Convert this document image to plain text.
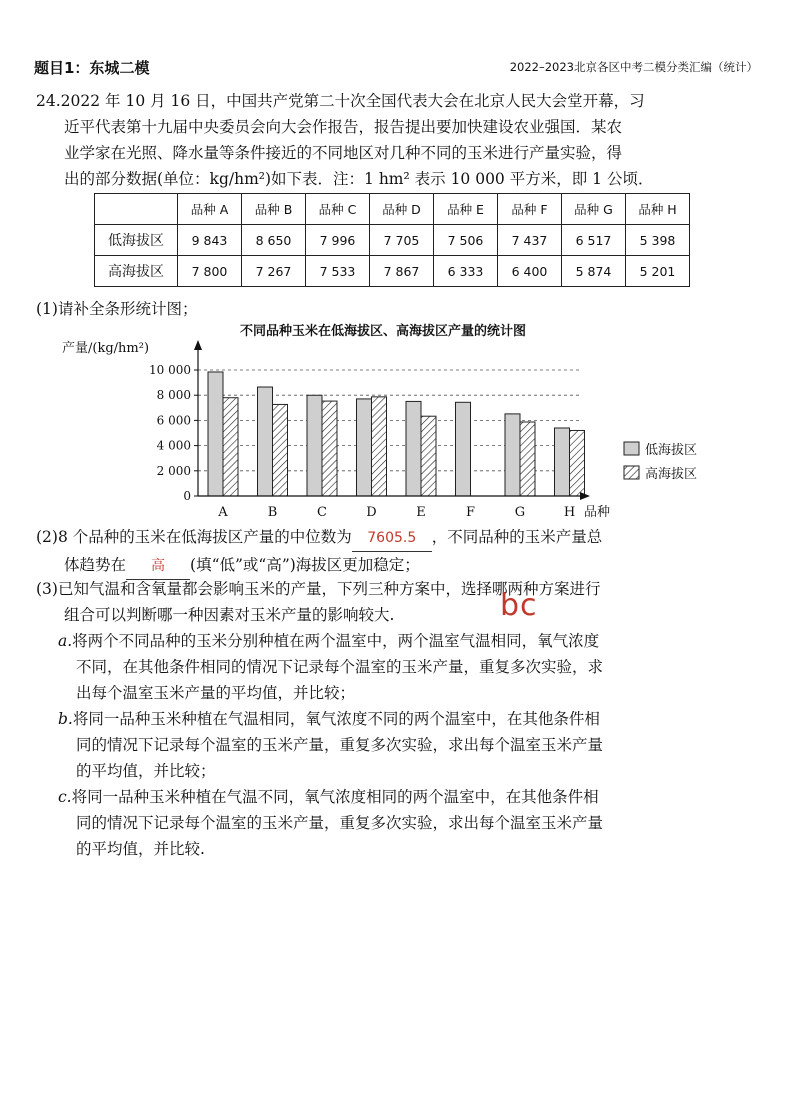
题目1：东城二模	2022–2023北京各区中考二模分类汇编（统计）
24.2022 年 10 月 16 日，中国共产党第二十次全国代表大会在北京人民大会堂开幕，习
近平代表第十九届中央委员会向大会作报告，报告提出要加快建设农业强国．某农
业学家在光照、降水量等条件接近的不同地区对几种不同的玉米进行产量实验，得
出的部分数据(单位：kg/hm²)如下表．注：1 hm² 表示 10 000 平方米，即 1 公顷．
	品种 A	品种 B	品种 C	品种 D	品种 E	品种 F	品种 G	品种 H
低海拔区	9 843	8 650	7 996	7 705	7 506	7 437	6 517	5 398
高海拔区	7 800	7 267	7 533	7 867	6 333	6 400	5 874	5 201
(1)请补全条形统计图；
不同品种玉米在低海拔区、高海拔区产量的统计图
0
2 000
4 000
6 000
8 000
10 000
A	B	C	D	E	F	G	H
产量/(kg/hm²)
品种
低海拔区
高海拔区
(2)8 个品种的玉米在低海拔区产量的中位数为 7605.5 ，不同品种的玉米产量总
体趋势在 高 (填“低”或“高”)海拔区更加稳定；
(3)已知气温和含氧量都会影响玉米的产量，下列三种方案中，选择哪两种方案进行
组合可以判断哪一种因素对玉米产量的影响较大.	bc
a.将两个不同品种的玉米分别种植在两个温室中，两个温室气温相同，氧气浓度
不同，在其他条件相同的情况下记录每个温室的玉米产量，重复多次实验，求
出每个温室玉米产量的平均值，并比较；
b.将同一品种玉米种植在气温相同，氧气浓度不同的两个温室中，在其他条件相
同的情况下记录每个温室的玉米产量，重复多次实验，求出每个温室玉米产量
的平均值，并比较；
c.将同一品种玉米种植在气温不同，氧气浓度相同的两个温室中，在其他条件相
同的情况下记录每个温室的玉米产量，重复多次实验，求出每个温室玉米产量
的平均值，并比较.
